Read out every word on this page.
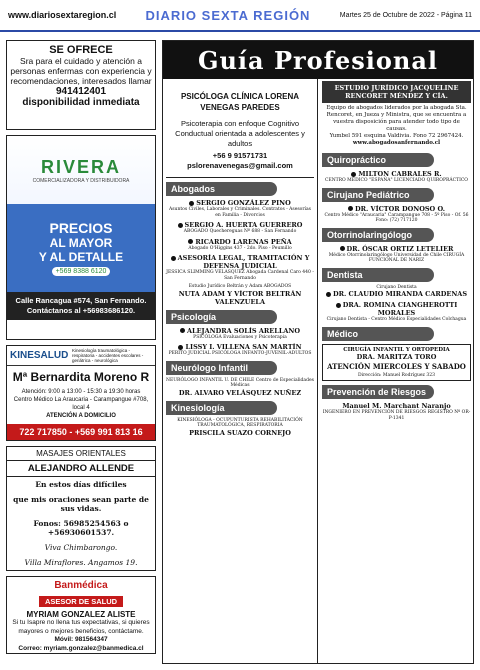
www.diariosextaregion.cl DIARIO SEXTA REGIÓN	Martes 25 de Octubre de 2022 - Página 11
SE OFRECE

Sra para el cuidado y atención a personas enfermas con experiencia y recomendaciones, interesados llamar

941412401
disponibilidad inmediata
RIVERA
COMERCIALIZADORA Y DISTRIBUIDORA
PRECIOS
AL MAYOR
Y AL DETALLE
+569 8388 6120
Calle Rancagua #574, San Fernando.
Contáctanos al +56983686120.
KINESALUD Kinesiología traumatológica - respiratoria - accidentes escolares - geriátrica - neurológica
Mª Bernardita Moreno R

Atención: 9:00 a 13:00 - 15:30 a 19:30 horas

Centro Médico La Araucaria - Carampangue #708, local 4

ATENCIÓN A DOMICILIO

722 717850 - +569 991 813 16
MASAJES ORIENTALES
ALEJANDRO ALLENDE
En estos días difíciles
que mis oraciones sean parte de sus vidas.
Fonos: 56985254563 o +56930601537.
Viva Chimbarongo.
Villa Miraflores. Angamos 19.
Banmédica
ASESOR DE SALUD
MYRIAM GONZALEZ ALISTE

Si tu Isapre no llena tus expectativas, si quieres mayores o mejores beneficios, contáctame.

Móvil: 981564347

Correo: myriam.gonzalez@banmedica.cl

Guía Profesional
PSICÓLOGA CLÍNICA LORENA VENEGAS PAREDES

Psicoterapia con enfoque Cognitivo Conductual orientada a adolescentes y adultos

+56 9 91571731

pslorenavenegas@gmail.com

Abogados
SERGIO GONZÁLEZ PINO
Asuntos Civiles, Laborales y Criminales. Contratos - Asesorías en Familia - Divorcios
SERGIO A. HUERTA GUERRERO
ABOGADO Quechereguas Nº 688 - San Fernando
RICARDO LARENAS PEÑA
Abogado O'Higgins 437 - 2do. Piso - Peumillo
ASESORÍA LEGAL, TRAMITACIÓN Y DEFENSA JUDICIAL
JESSICA SLIMMING VELASQUEZ Abogada Cardenal Caro 440 - San Fernando
Estudio Jurídico Beltrán y Adam ABOGADOS
NUTA ADAM Y VÍCTOR BELTRÁN VALENZUELA
Psicología
ALEJANDRA SOLÍS ARELLANO
PSICÓLOGA Evaluaciones y Psicoterapia
LISSY I. VILLENA SAN MARTÍN
PERITO JUDICIAL PSICÓLOGA INFANTO-JUVENIL-ADULTOS
Neurólogo Infantil
NEURÓLOGO INFANTIL U. DE CHILE Centro de Especialidades Médicas
DR. ALVARO VELÁSQUEZ NUÑEZ
Kinesiología
KINESIÓLOGA - OCUPUNTURISTA REHABILITACIÓN TRAUMATOLÓGICA, RESPIRATORIA
PRISCILA SUAZO CORNEJO
ESTUDIO JURÍDICO JACQUELINE RENCORET MÉNDEZ Y CÍA.
Equipo de abogados liderados por la abogada Sta. Rencoret, en Jueza y Ministra, que se encuentra a vuestra disposición para atender todo tipo de causas.
Yumbel 591 esquina Valdivia. Fono 72 2967424.
www.abogadosanfernando.cl
Quiropráctico
MILTON CABRALES R.
CENTRO MÉDICO "ESPAÑA" LICENCIADO QUIROPRÁCTICO
Cirujano Pediátrico
DR. VÍCTOR DONOSO O.
Centro Médico "Araucaria" Carampangue 708 - 5º Piso - Of. 56 Fono: (72) 717120
Otorrinolaringólogo
DR. ÓSCAR ORTIZ LETELIER
Médico Otorrinolaringólogo Universidad de Chile CIRUGÍA FUNCIONAL DE NARIZ
Dentista
Cirujano Dentista
DR. CLAUDIO MIRANDA CARDENAS
DRA. ROMINA CIANGHEROTTI MORALES
Cirujano Dentista - Centro Médico Especialidades Colchagua
Médico
CIRUGÍA INFANTIL Y ORTOPEDIA
DRA. MARITZA TORO
ATENCIÓN MIERCOLES Y SABADO
Dirección: Manuel Rodríguez 323
Prevención de Riesgos
Manuel M. Marchant Naranjo
INGENIERO EN PREVENCIÓN DE RIESGOS REGISTRO Nº OR-P-1341
